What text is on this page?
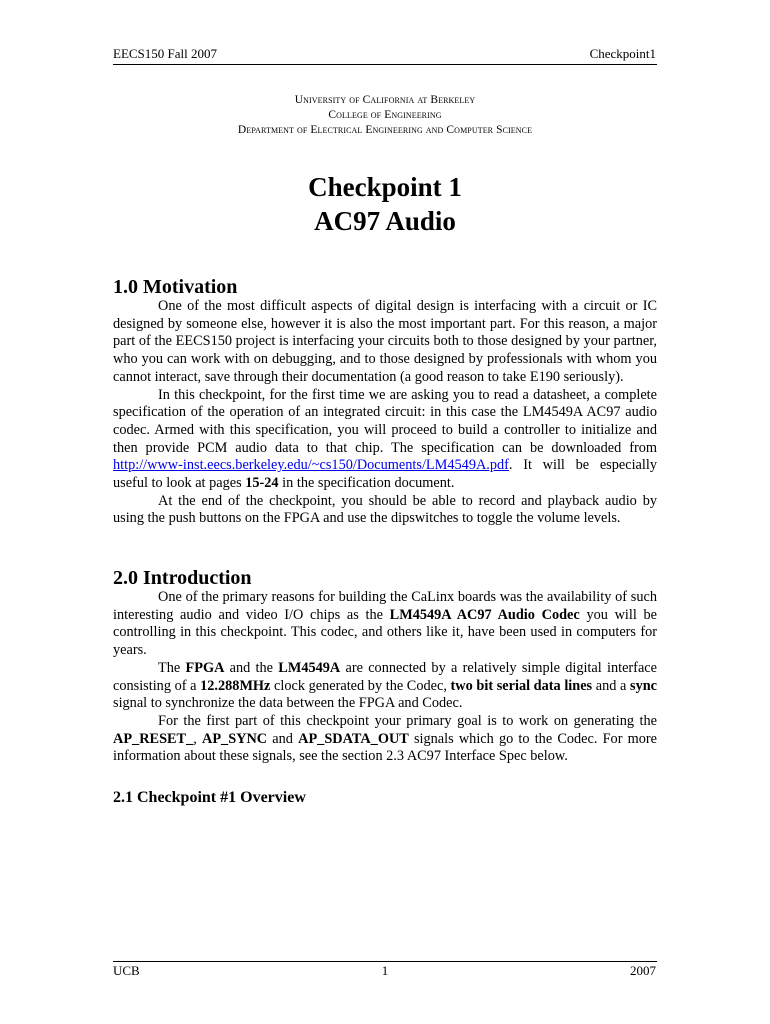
EECS150 Fall 2007	Checkpoint1
University of California at Berkeley
College of Engineering
Department of Electrical Engineering and Computer Science
Checkpoint 1
AC97 Audio
1.0 Motivation

One of the most difficult aspects of digital design is interfacing with a circuit or IC designed by someone else, however it is also the most important part. For this reason, a major part of the EECS150 project is interfacing your circuits both to those designed by your partner, who you can work with on debugging, and to those designed by professionals with whom you cannot interact, save through their documentation (a good reason to take E190 seriously).

In this checkpoint, for the first time we are asking you to read a datasheet, a complete specification of the operation of an integrated circuit: in this case the LM4549A AC97 audio codec. Armed with this specification, you will proceed to build a controller to initialize and then provide PCM audio data to that chip. The specification can be downloaded from http://www-inst.eecs.berkeley.edu/~cs150/Documents/LM4549A.pdf. It will be especially useful to look at pages 15-24 in the specification document.

At the end of the checkpoint, you should be able to record and playback audio by using the push buttons on the FPGA and use the dipswitches to toggle the volume levels.

2.0 Introduction

One of the primary reasons for building the CaLinx boards was the availability of such interesting audio and video I/O chips as the LM4549A AC97 Audio Codec you will be controlling in this checkpoint. This codec, and others like it, have been used in computers for years.

The FPGA and the LM4549A are connected by a relatively simple digital interface consisting of a 12.288MHz clock generated by the Codec, two bit serial data lines and a sync signal to synchronize the data between the FPGA and Codec.

For the first part of this checkpoint your primary goal is to work on generating the AP_RESET_, AP_SYNC and AP_SDATA_OUT signals which go to the Codec. For more information about these signals, see the section 2.3 AC97 Interface Spec below.

2.1 Checkpoint #1 Overview
UCB	1	2007
